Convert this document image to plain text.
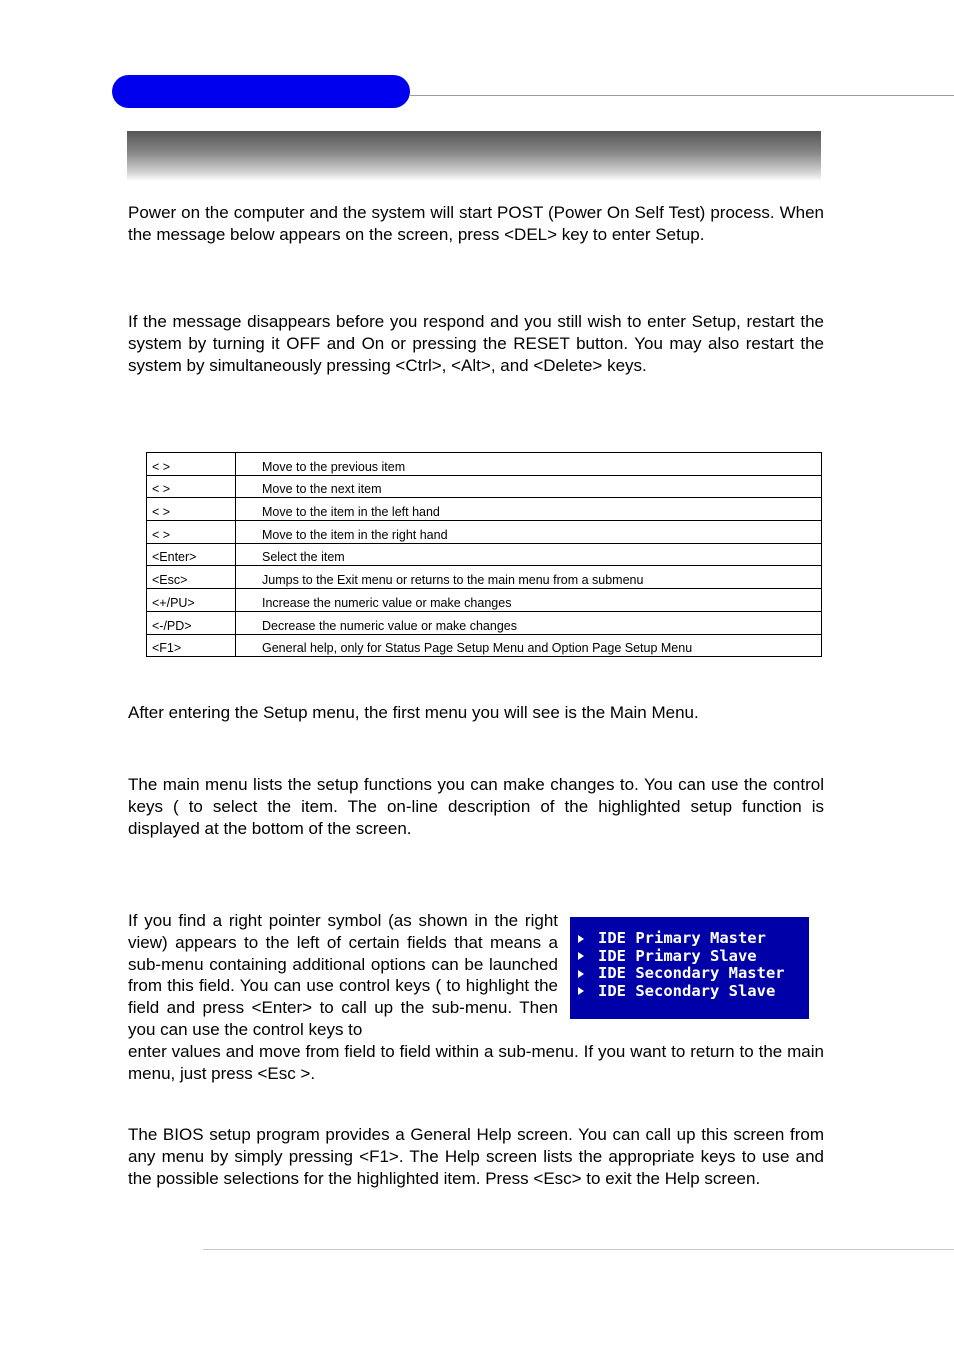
Power on the computer and the system will start POST (Power On Self Test) process. When the message below appears on the screen, press <DEL> key to enter Setup.

If the message disappears before you respond and you still wish to enter Setup, restart the system by turning it OFF and On or pressing the RESET button. You may also restart the system by simultaneously pressing <Ctrl>, <Alt>, and <Delete> keys.

< >	Move to the previous item
< >	Move to the next item
< >	Move to the item in the left hand
< >	Move to the item in the right hand
<Enter>	Select the item
<Esc>	Jumps to the Exit menu or returns to the main menu from a submenu
<+/PU>	Increase the numeric value or make changes
<-/PD>	Decrease the numeric value or make changes
<F1>	General help, only for Status Page Setup Menu and Option Page Setup Menu

After entering the Setup menu, the first menu you will see is the Main Menu.

The main menu lists the setup functions you can make changes to. You can use the control keys ( to select the item. The on-line description of the highlighted setup function is displayed at the bottom of the screen.

If you find a right pointer symbol (as shown in the right view) appears to the left of certain fields that means a sub-menu containing additional options can be launched from this field. You can use control keys ( to highlight the field and press <Enter> to call up the sub-menu. Then you can use the control keys to

IDE Primary Master
IDE Primary Slave
IDE Secondary Master
IDE Secondary Slave

enter values and move from field to field within a sub-menu. If you want to return to the main menu, just press <Esc >.

The BIOS setup program provides a General Help screen. You can call up this screen from any menu by simply pressing <F1>. The Help screen lists the appropriate keys to use and the possible selections for the highlighted item. Press <Esc> to exit the Help screen.
